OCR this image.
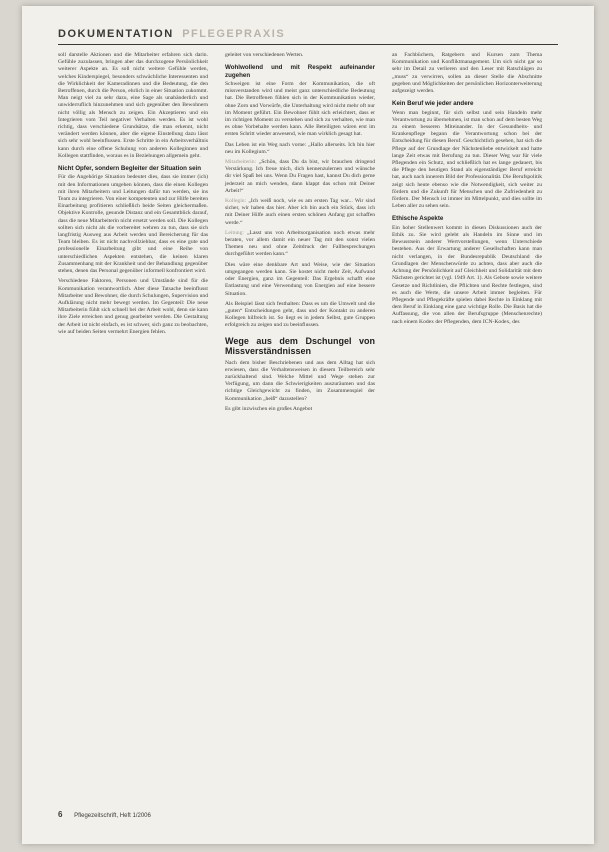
DOKUMENTATION PFLEGEPRAXIS

soll darstelle Aktionen und die Mitarbeiter erfahren sich darin. Gefühle zuzulassen, bringen aber das durchzogene Persönlichkeit weiterer Aspekte an. Es soll nicht weitere Gefühle werden, welches Kinderspiegel, besonders schwächliche Interessenten und die Wirklichkeit der Kameradinnen und die Bedeutung, die den Betroffenen, durch die Person, ehrlich in einer Situation zukommt. Man neigt viel zu sehr dazu, eine Sage als unabänderlich und unwiderruflich hinzunehmen und sich gegenüber den Bewohnern nicht völlig als Mensch zu zeigen. Ein Akzeptieren und ein Integrieren vom Teil negativer Verhalten werden. Es ist wohl richtig, dass verschiedene Grundsätze, die man erkennt, nicht verändert werden können, aber die eigene Einstellung dazu lässt sich sehr wohl beeinflussen. Erste Schritte in ein Arbeitsverhältnis kann durch eine offene Schulung von anderen Kolleginnen und Kollegen stattfinden, woraus es in Beziehungen allgemein geht.

Nicht Opfer, sondern Begleiter der Situation sein

Für die Angehörige Situation bedeutet dies, dass sie immer (ich) mit den Informationen umgehen können, dass die einen Kollegen mit ihren Mitarbeitern und Leitungen dafür tun werden, sie ins Team zu integrieren. Von einer kompetenten und zur Hilfe bereiten Einarbeitung profitieren schließlich beide Seiten gleichermaßen. Objektive Kontrolle, gesunde Distanz und ein Gesamtblick darauf, dass die neue Mitarbeiterin nicht ersetzt werden soll. Die Kollegen sollten sich nicht als die vorbereitet wehren zu tun, dass sie sich langfristig Ausweg aus Arbeit werden und Bereicherung für das Team bleiben. Es ist nicht nachvollziehbar, dass es eine gute und professionelle Einarbeitung gibt und eine Reihe von unterschiedlichen Aspekten entstehen, die keinen klaren Zusammenhang mit der Krankheit und der Behandlung gegenüber stehen, denen das Personal gegenüber informell konfrontiert wird.

Verschiedene Faktoren, Personen und Umstände sind für die Kommunikation verantwortlich. Aber diese Tatsache beeinflusst Mitarbeiter und Bewohner, die durch Schulungen, Supervision und Aufklärung nicht mehr bewegt werden. Im Gegenteil: Die neue Mitarbeiterin fühlt sich schnell bei der Arbeit wohl, denn sie kann ihre Ziele erreichen und genug gearbeitet werden. Die Gestaltung der Arbeit ist nicht einfach, es ist schwer, sich ganz zu beobachten, wie auf beiden Seiten vermehrt Energien fehlen.

geleitet von verschiedenen Werten.

Wohlwollend und mit Respekt aufeinander zugehen

Schweigen ist eine Form der Kommunikation, die oft missverstanden wird und meist ganz unterschiedliche Bedeutung hat. Die Betroffenen fühlen sich in der Kommunikation wieder, ohne Zorn und Vorwürfe, die Unterhaltung wird nicht mehr oft nur im Moment geführt. Ein Bewohner fühlt sich erleichtert, dass er im richtigen Moment zu verstehen und sich zu verhalten, wie man es ohne Vorbehalte werden kann. Alle Beteiligten wären erst im ersten Schritt wieder anwesend, wie man wirklich gesagt hat.

Das Leben ist ein Weg nach vorne: „Hallo allerseits. Ich bin hier neu im Kollegium.“

Mitarbeiterin: „Schön, dass Du da bist, wir brauchen dringend Verstärkung. Ich freue mich, dich kennenzulernen und wünsche dir viel Spaß bei uns. Wenn Du Fragen hast, kannst Du dich gerne jederzeit an mich wenden, dann klappt das schon mit Deiner Arbeit!“

Kollegin: „Ich weiß noch, wie es am ersten Tag war... Wir sind sicher, wir haben das hier. Aber ich bin auch ein Stück, dass ich mit Deiner Hilfe auch einen ersten schönen Anfang gut schaffen werde.“

Leitung: „Lasst uns von Arbeitsorganisation noch etwas mehr beraten, vor allem damit ein neuer Tag mit den sonst vielen Themen neu und ohne Zeitdruck der Fallbesprechungen durchgeführt werden kann.“

Dies wäre eine denkbare Art und Weise, wie der Situation umgegangen werden kann. Sie kostet nicht mehr Zeit, Aufwand oder Energien, ganz im Gegenteil: Das Ergebnis schafft eine Entlastung und eine Verwendung von Energien auf eine bessere Situation.

Als Beispiel lässt sich festhalten: Dass es um die Umwelt und die „guten“ Entscheidungen geht, dass und der Kontakt zu anderen Kollegen hilfreich ist. So liegt es in jedem Selbst, gute Gruppen erfolgreich zu zeigen und zu beeinflussen.

Wege aus dem Dschungel von Missverständnissen

Nach dem bisher Beschriebenen und aus dem Alltag hat sich erwiesen, dass die Verhaltensweisen in diesem Teilbereich sehr zurückhaltend sind. Welche Mittel und Wege stehen zur Verfügung, um dann die Schwierigkeiten auszuräumen und das richtige Gleichgewicht zu finden, im Zusammenspiel der Kommunikation „heiß“ dazustellen?

Es gibt inzwischen ein großes Angebot

an Fachbüchern, Ratgebern und Kursen zum Thema Kommunikation und Konfliktmanagement. Um sich nicht gar so sehr im Detail zu verlieren und den Leser mit Ratschlägen zu „muss“ zu verwirren, sollen an dieser Stelle die Abschnitte gegeben und Möglichkeiten der persönlichen Horizonterweiterung aufgezeigt werden.

Kein Beruf wie jeder andere

Wenn man beginnt, für sich selbst und sein Handeln mehr Verantwortung zu übernehmen, ist man schon auf dem besten Weg zu einem besseren Miteinander. In der Gesundheits- und Krankenpflege begann die Verantwortung schon bei der Entscheidung für diesen Beruf. Geschichtlich gesehen, hat sich die Pflege auf der Grundlage der Nächstenliebe entwickelt und hatte lange Zeit etwas mit Berufung zu tun. Dieser Weg war für viele Pflegenden ein Schutz, und schließlich hat es lange gedauert, bis die Pflege den heutigen Stand als eigenständiger Beruf erreicht hat, auch nach innerem Bild der Professionalität. Die Berufspolitik zeigt sich heute ebenso wie die Notwendigkeit, sich weiter zu fördern und die Zukunft für Menschen und die Zufriedenheit zu fördern. Der Mensch ist immer im Mittelpunkt, und dies sollte im Leben aller zu sehen sein.

Ethische Aspekte

Ein hoher Stellenwert kommt in diesen Diskussionen auch der Ethik zu. Sie wird gelebt als Handeln im Sinne und im Bewusstsein anderer Wertvorstellungen, wenn Unterschiede bestehen. Aus der Erwartung anderer Gesellschaften kann man nicht verlangen, in der Bundesrepublik Deutschland die Grundlagen der Menschenwürde zu achten, dass aber auch die Achtung der Persönlichkeit auf Gleichheit und Solidarität mit dem Nächsten gerichtet ist (vgl. 1949 Art. 1). Als Gebote sowie weitere Gesetze und Richtlinien, die Pflichten und Rechte festlegen, sind es auch die Werte, die unsere Arbeit immer begleiten. Für Pflegende und Pflegekräfte spielen dabei Rechte in Einklang mit dem Beruf in Einklang eine ganz wichtige Rolle. Die Basis hat die Auffassung, die von allen der Berufsgruppe (Menschenrechte) nach einem Kodex der Pflegenden, dem ICN-Kodex, des

6 Pflegezeitschrift, Heft 1/2006
